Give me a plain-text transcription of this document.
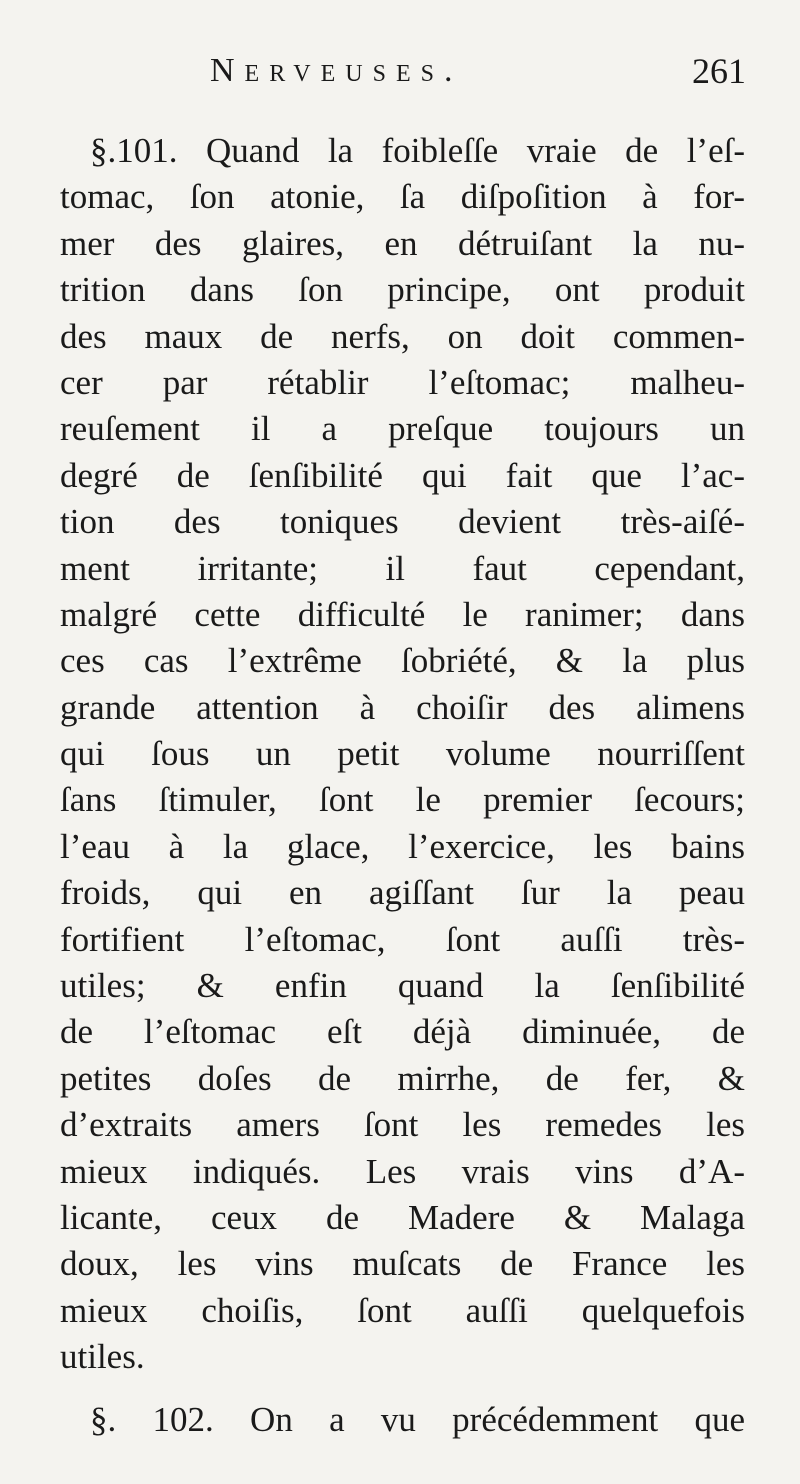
Nerveuses.	261
§.101. Quand la foibleſſe vraie de l’eſ-
tomac, ſon atonie, ſa diſpoſition à for-
mer des glaires, en détruiſant la nu-
trition dans ſon principe, ont produit
des maux de nerfs, on doit commen-
cer par rétablir l’eſtomac; malheu-
reuſement il a preſque toujours un
degré de ſenſibilité qui fait que l’ac-
tion des toniques devient très-aiſé-
ment irritante; il faut cependant,
malgré cette difficulté le ranimer; dans
ces cas l’extrême ſobriété, & la plus
grande attention à choiſir des alimens
qui ſous un petit volume nourriſſent
ſans ſtimuler, ſont le premier ſecours;
l’eau à la glace, l’exercice, les bains
froids, qui en agiſſant ſur la peau
fortifient l’eſtomac, ſont auſſi très-
utiles; & enfin quand la ſenſibilité
de l’eſtomac eſt déjà diminuée, de
petites doſes de mirrhe, de fer, &
d’extraits amers ſont les remedes les
mieux indiqués. Les vrais vins d’A-
licante, ceux de Madere & Malaga
doux, les vins muſcats de France les
mieux choiſis, ſont auſſi quelquefois
utiles.
§. 102. On a vu précédemment que
